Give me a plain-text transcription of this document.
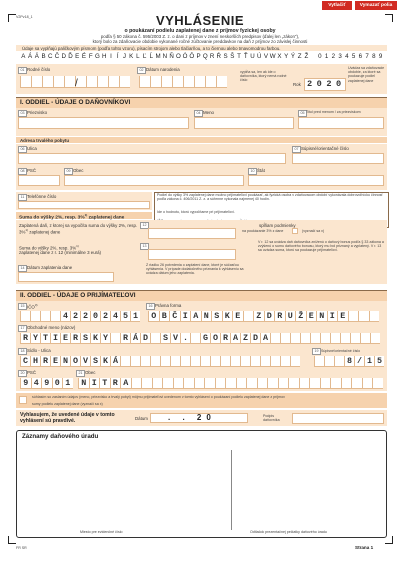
V2Pv18_1
Vytlačiť	Vymazať polia
VYHLÁSENIE
o poukázaní podielu zaplatenej dane z príjmov fyzickej osoby
podľa § 50 zákona č. 595/2003 Z. z. o dani z príjmov v znení neskorších predpisov (ďalej len „zákon"),
ktorý bolo za zdaňovacie obdobie vykonané ročné zúčtovanie preddavkov na daň z príjmov zo závislej činnosti
Údaje sa vyplňajú paličkovým písmom (podľa tohto vzoru), písacím strojom alebo tlačiarňou, a to čiernou alebo tmavomodrou farbou.
A Á Ä B C Č D Ď E É F G H I Í J K L Ľ Ĺ M N Ň O Ó Ô P Q R Ŕ S Š T Ť U Ú V W X Y Ý Z Ž 0 1 2 3 4 5 6 7 8 9
01 Rodné číslo
/
02 Dátum narodenia	vypĺňa sa, len ak ide o daňovníka, ktorý nemá rodné číslo
Rok 2020
Uvádza sa zdaňovacie obdobie, za ktoré sa poukazuje podiel zaplatenej dane
I. ODDIEL - ÚDAJE O DAŇOVNÍKOVI
03 Priezvisko	04 Meno	05 Titul pred menom / za priezviskom
Adresa trvalého pobytu
06 Ulica	07 Súpisné/orientačné číslo
08 PSČ	09 Obec	10 Štát
11 Telefónne číslo	Podiel do výšky 3% zaplatenej dane možno prijímateľovi poukázať, ak fyzická osoba v zdaňovacom období vykonávala dobrovoľnícku činnosť podľa zákona č. 406/2011 Z. z. a súhrnne vykonala najmenej 40 hodín.
Ide o hodnotu, ktorú vypočítame pri prijímateľovi.
Suma do výšky 2%, resp. 3%$^{1)}$ zaplatenej dane
12
Zaplatená daň, z ktorej sa vypočíta suma do výšky 2%, resp. 3%$^{1)}$ zaplatenej dane
13
Suma do výšky 2%, resp. 3%$^{1)}$
zaplatenej dane z r. 12 (minimálne 3 eurá)
spĺňam podmienky
na poukázanie 3% z dane	(vyznačí sa x)
V r. 12 sa uvádza daň daňovníka zníženú o daňový bonus podľa § 33 zákona a zvýšenú o sumu daňového bonusu, ktorý mu bol priznaný a vyplatený. V r. 13 sa uvádza suma, ktorú sa poukazuje prijímateľovi.
14 Dátum zaplatenia dane	Z riadku 26 potvrdenia o zaplatení dane, ktoré je súčasťou vyhlásenia. V prípade dodatočného priznania k vyhláseniu sa uvádza dátum jeho zaplatenia.
II. ODDIEL - ÚDAJE O PRIJÍMATEĽOVI
15 IČO$^{3)}$
4 2 2 0 2 4 5 1
16 Právna forma
O B Č I A N S K E	Z D R U Ž E N I E
17 Obchodné meno (názov)
R Y T I E R S K Y	R Á D	S V .	G O R A Z D A
18 Sídlo - Ulica
C H R E N O V S K Á
19 Súpisné/orientačné číslo
8 / 1 5
20 PSČ
9 4 9 0 1
21 Obec
N I T R A
súhlasím so zaslaním údajov (meno, priezvisko a trvalý pobyt) môjmu prijímateľovi uvedenom v tomto vyhlásení o poukázaní podielu zaplatenej dane z príjmov
sumy podielu zaplatenej dane (vyznačí sa x)
Vyhlasujem, že uvedené údaje v tomto vyhlásení sú pravdivé.	Dátum	. . 20	Podpis daňovníka
Záznamy daňového úradu
Miesto pre evidenčné číslo	Odtlačok prezentačnej pečiatky daňového úradu
FR SR	Strana 1
